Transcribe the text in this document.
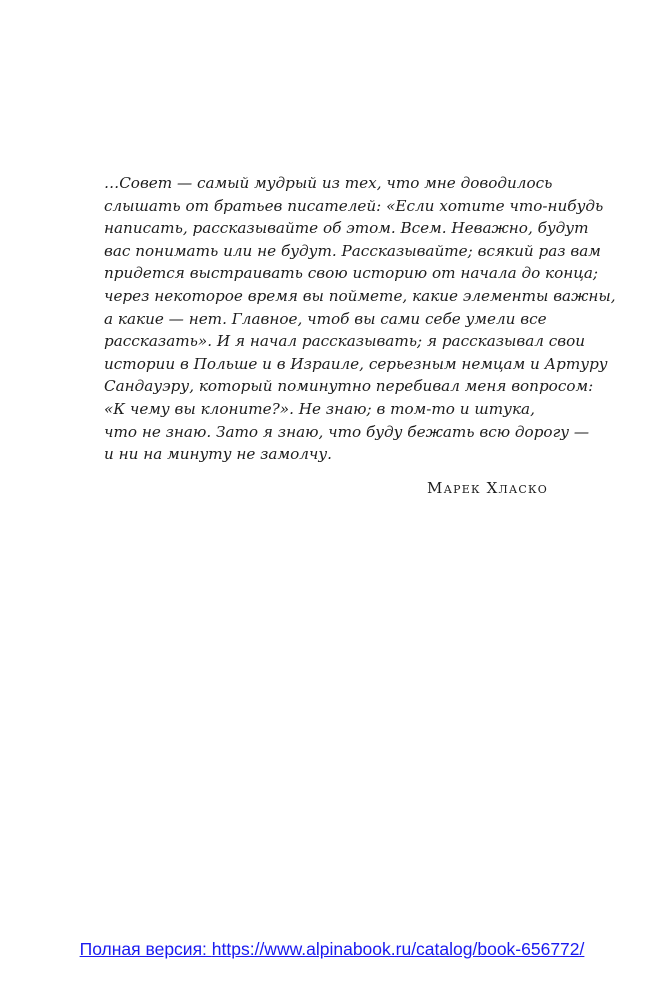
…Совет — самый мудрый из тех, что мне доводилось
слышать от братьев писателей: «Если хотите что-нибудь
написать, рассказывайте об этом. Всем. Неважно, будут
вас понимать или не будут. Рассказывайте; всякий раз вам
придется выстраивать свою историю от начала до конца;
через некоторое время вы поймете, какие элементы важны,
а какие — нет. Главное, чтоб вы сами себе умели все
рассказать». И я начал рассказывать; я рассказывал свои
истории в Польше и в Израиле, серьезным немцам и Артуру
Сандауэру, который поминутно перебивал меня вопросом:
«К чему вы клоните?». Не знаю; в том-то и штука,
что не знаю. Зато я знаю, что буду бежать всю дорогу —
и ни на минуту не замолчу.
Марек Хласко
Полная версия: https://www.alpinabook.ru/catalog/book-656772/
